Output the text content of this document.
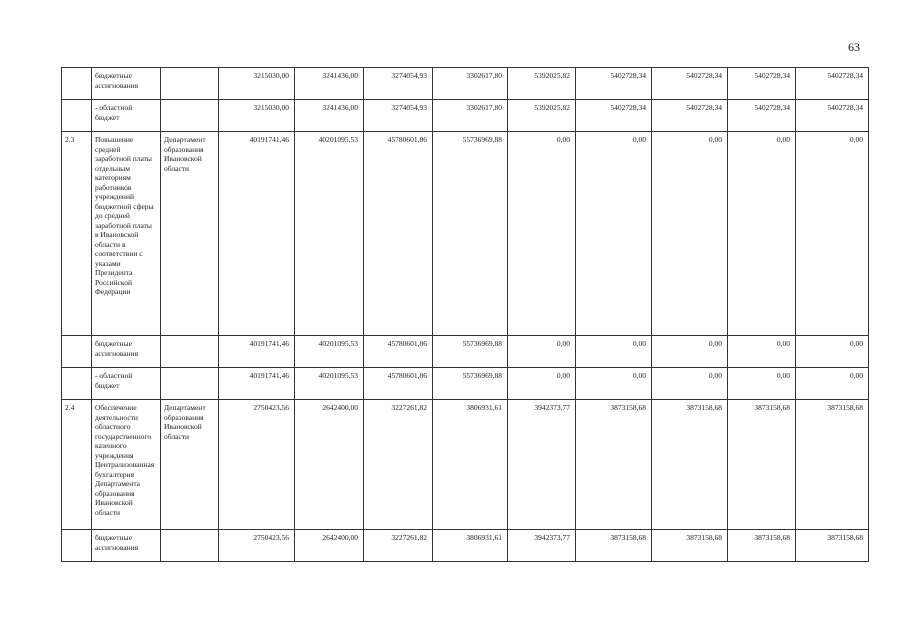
63
	бюджетные ассигнования		3215030,00	3241436,00	3274054,93	3302617,80	5392025,82	5402728,34	5402728,34	5402728,34	5402728,34
	- областной бюджет		3215030,00	3241436,00	3274054,93	3302617,80	5392025,82	5402728,34	5402728,34	5402728,34	5402728,34
2.3	Повышение средней заработной платы отдельным категориям работников учреждений бюджетной сферы до средней заработной платы в Ивановской области в соответствии с указами Президента Российской Федерации	Департамент образования Ивановской области	40191741,46	40201095,53	45780601,86	55736969,88	0,00	0,00	0,00	0,00	0,00
	бюджетные ассигнования		40191741,46	40201095,53	45780601,86	55736969,88	0,00	0,00	0,00	0,00	0,00
	- областной бюджет		40191741,46	40201095,53	45780601,86	55736969,88	0,00	0,00	0,00	0,00	0,00
2.4	Обеспечение деятельности областного государственного казенного учреждения Централизованная бухгалтерия Департамента образования Ивановской области	Департамент образования Ивановской области	2750423,56	2642400,00	3227261,82	3806931,61	3942373,77	3873158,68	3873158,68	3873158,68	3873158,68
	бюджетные ассигнования		2750423,56	2642400,00	3227261,82	3806931,61	3942373,77	3873158,68	3873158,68	3873158,68	3873158,68
